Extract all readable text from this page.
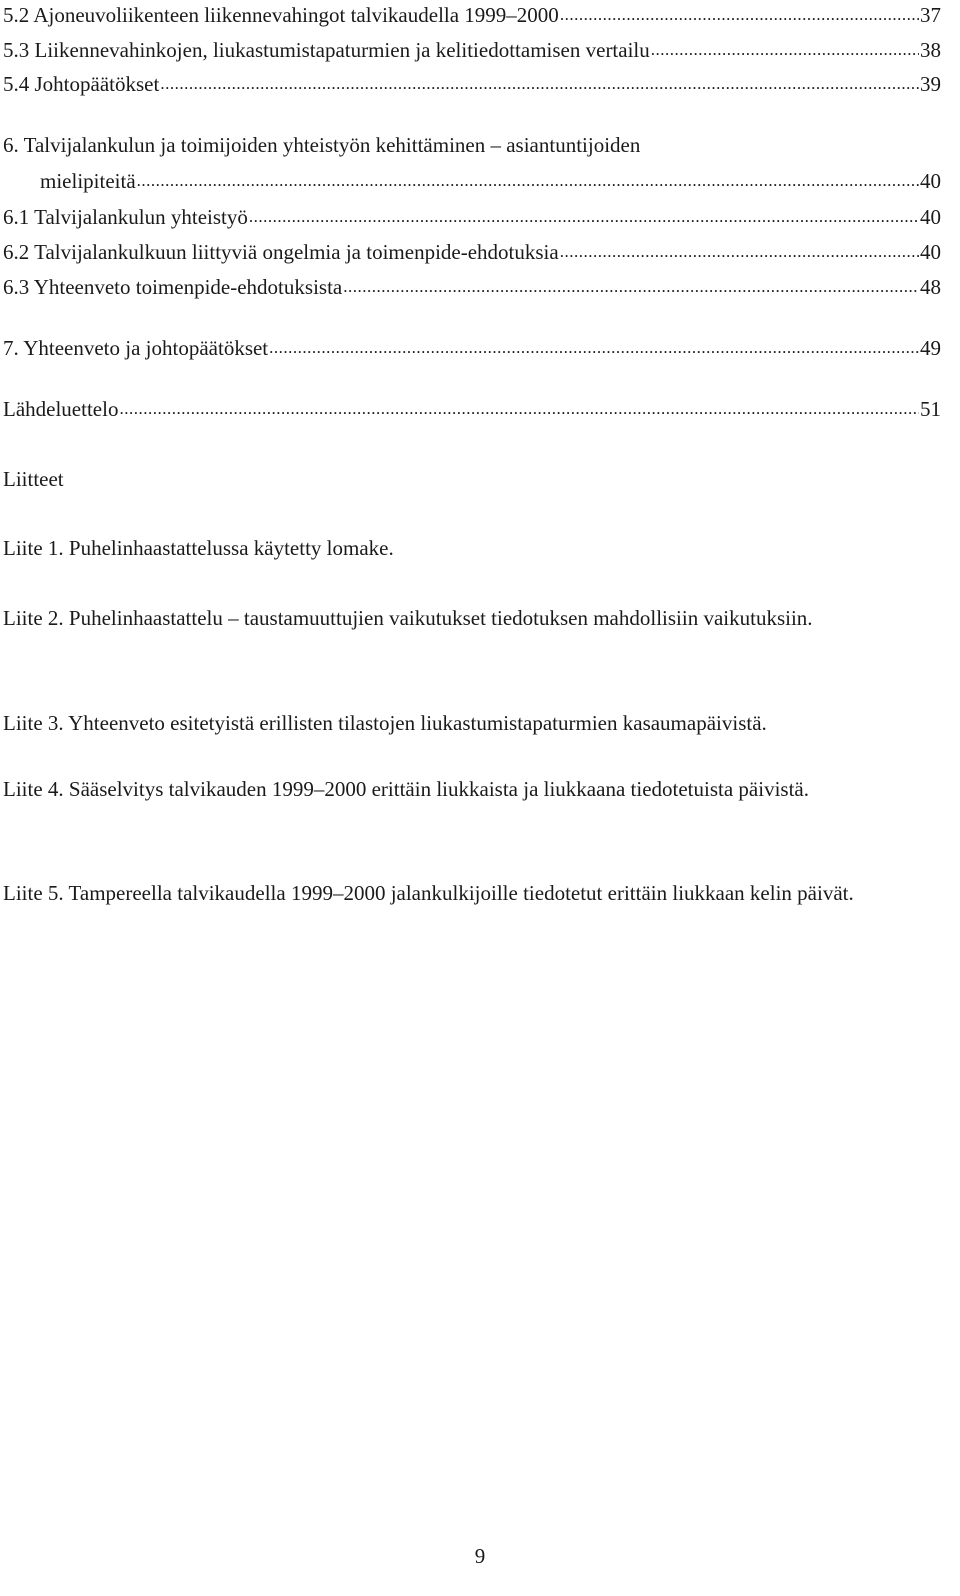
5.2 Ajoneuvoliikenteen liikennevahingot talvikaudella 1999–2000 .....	37
5.3 Liikennevahinkojen, liukastumistapaturmien ja kelitiedottamisen vertailu .....	38
5.4 Johtopäätökset .....	39
6. Talvijalankulun ja toimijoiden yhteistyön kehittäminen – asiantuntijoiden
mielipiteitä .....	40
6.1 Talvijalankulun yhteistyö .....	40
6.2 Talvijalankulkuun liittyviä ongelmia ja toimenpide-ehdotuksia .....	40
6.3 Yhteenveto toimenpide-ehdotuksista .....	48
7. Yhteenveto ja johtopäätökset .....	49
Lähdeluettelo .....	51
Liitteet
Liite 1. Puhelinhaastattelussa käytetty lomake.
Liite 2. Puhelinhaastattelu – taustamuuttujien vaikutukset tiedotuksen mahdollisiin vaikutuksiin.
Liite 3. Yhteenveto esitetyistä erillisten tilastojen liukastumistapaturmien kasaumapäivistä.
Liite 4. Sääselvitys talvikauden 1999–2000 erittäin liukkaista ja liukkaana tiedotetuista päivistä.
Liite 5. Tampereella talvikaudella 1999–2000 jalankulkijoille tiedotetut erittäin liukkaan kelin päivät.
9
